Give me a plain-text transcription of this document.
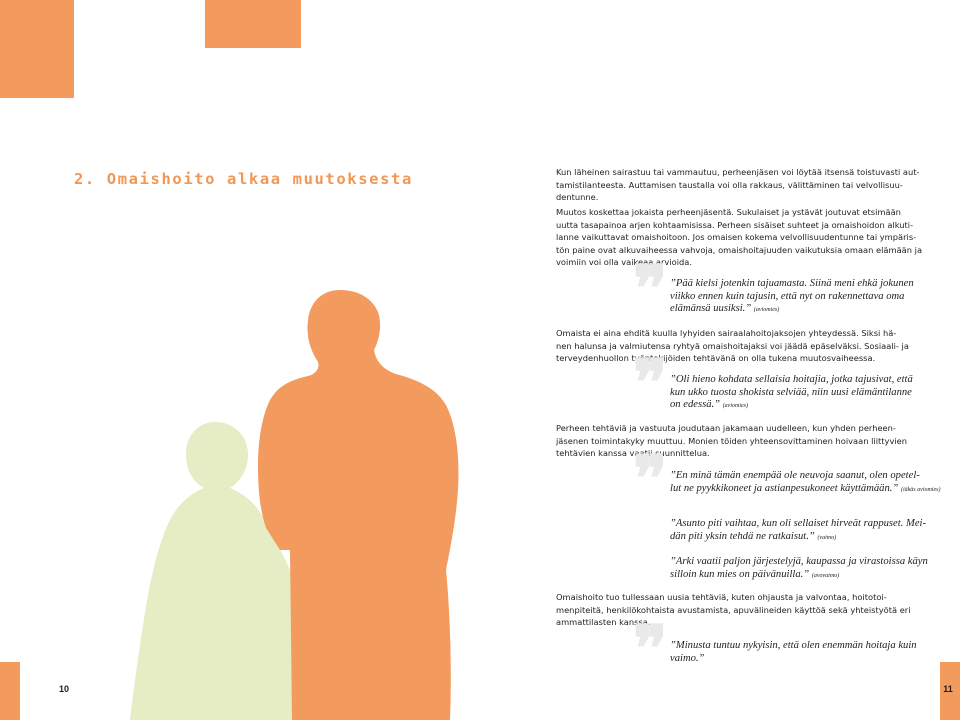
10	11
2. Omaishoito alkaa muutoksesta	Kun läheinen sairastuu tai vammautuu, perheenjäsen voi löytää itsensä toistuvasti aut-
tamistilanteesta. Auttamisen taustalla voi olla rakkaus, välittäminen tai velvollisuu-
dentunne.

Muutos koskettaa jokaista perheenjäsentä. Sukulaiset ja ystävät joutuvat etsimään
uutta tasapainoa arjen kohtaamisissa. Perheen sisäiset suhteet ja omaishoidon alkuti-
lanne vaikuttavat omaishoitoon. Jos omaisen kokema velvollisuudentunne tai ympäris-
tön paine ovat alkuvaiheessa vahvoja, omaishoitajuuden vaikutuksia omaan elämään ja
voimiin voi olla vaikeaa arvioida.

❞ ”Pää kielsi jotenkin tajuamasta. Siinä meni ehkä jokunen
viikko ennen kuin tajusin, että nyt on rakennettava oma
elämänsä uusiksi.” (aviomies)

Omaista ei aina ehditä kuulla lyhyiden sairaalahoitojaksojen yhteydessä. Siksi hä-
nen halunsa ja valmiutensa ryhtyä omaishoitajaksi voi jäädä epäselväksi. Sosiaali- ja
terveydenhuollon työntekijöiden tehtävänä on olla tukena muutosvaiheessa.

❞ ”Oli hieno kohdata sellaisia hoitajia, jotka tajusivat, että
kun ukko tuosta shokista selviää, niin uusi elämäntilanne
on edessä.” (aviomies)

Perheen tehtäviä ja vastuuta joudutaan jakamaan uudelleen, kun yhden perheen-
jäsenen toimintakyky muuttuu. Monien töiden yhteensovittaminen hoivaan liittyvien
tehtävien kanssa vaatii suunnittelua.

❞ ”En minä tämän enempää ole neuvoja saanut, olen opetel-
lut ne pyykkikoneet ja astianpesukoneet käyttämään.” (iäkäs aviomies)

”Asunto piti vaihtaa, kun oli sellaiset hirveät rappuset. Mei-
dän piti yksin tehdä ne ratkaisut.” (vaimo)

”Arki vaatii paljon järjestelyjä, kaupassa ja virastoissa käyn
silloin kun mies on päivänuilla.” (avovaimo)

Omaishoito tuo tullessaan uusia tehtäviä, kuten ohjausta ja valvontaa, hoitotoi-
menpiteitä, henkilökohtaista avustamista, apuvälineiden käyttöä sekä yhteistyötä eri
ammattilasten kanssa.

❞ ”Minusta tuntuu nykyisin, että olen enemmän hoitaja kuin
vaimo.”
